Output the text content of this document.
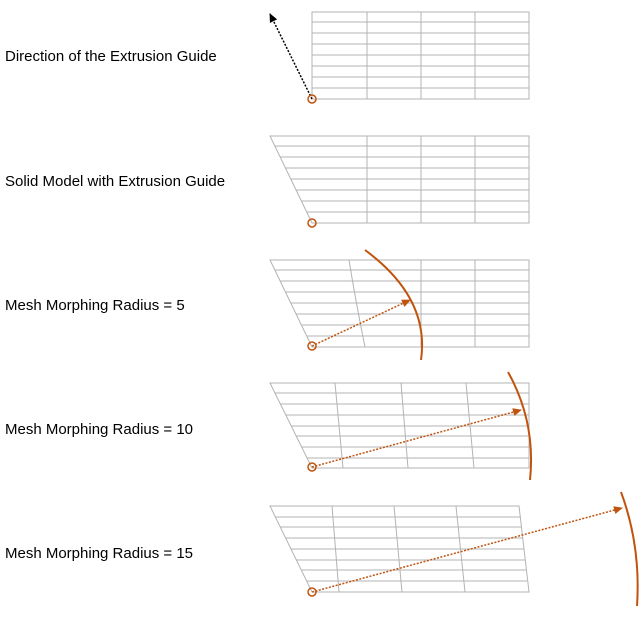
Direction of the Extrusion Guide
Solid Model with Extrusion Guide
Mesh Morphing Radius = 5
Mesh Morphing Radius = 10
Mesh Morphing Radius = 15
